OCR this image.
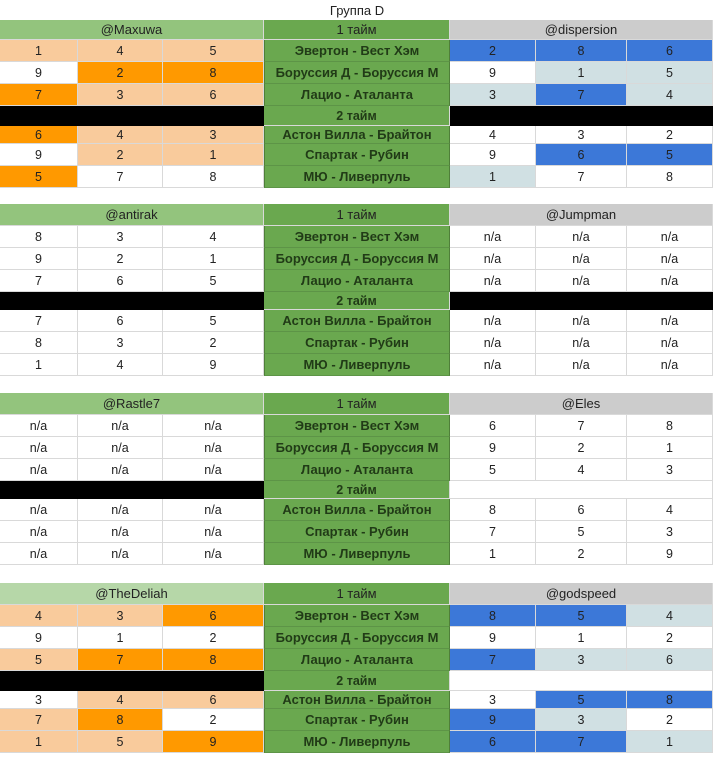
Группа D
@Maxuwa	1 тайм	@dispersion
1	4	5	Эвертон - Вест Хэм	2	8	6
9	2	8	Боруссия Д - Боруссия М	9	1	5
7	3	6	Лацио - Аталанта	3	7	4
2 тайм
6	4	3	Астон Вилла - Брайтон	4	3	2
9	2	1	Спартак - Рубин	9	6	5
5	7	8	МЮ - Ливерпуль	1	7	8
@antirak	1 тайм	@Jumpman
8	3	4	Эвертон - Вест Хэм	n/a	n/a	n/a
9	2	1	Боруссия Д - Боруссия М	n/a	n/a	n/a
7	6	5	Лацио - Аталанта	n/a	n/a	n/a
2 тайм
7	6	5	Астон Вилла - Брайтон	n/a	n/a	n/a
8	3	2	Спартак - Рубин	n/a	n/a	n/a
1	4	9	МЮ - Ливерпуль	n/a	n/a	n/a
@Rastle7	1 тайм	@Eles
n/a	n/a	n/a	Эвертон - Вест Хэм	6	7	8
n/a	n/a	n/a	Боруссия Д - Боруссия М	9	2	1
n/a	n/a	n/a	Лацио - Аталанта	5	4	3
2 тайм
n/a	n/a	n/a	Астон Вилла - Брайтон	8	6	4
n/a	n/a	n/a	Спартак - Рубин	7	5	3
n/a	n/a	n/a	МЮ - Ливерпуль	1	2	9
@TheDeliah	1 тайм	@godspeed
4	3	6	Эвертон - Вест Хэм	8	5	4
9	1	2	Боруссия Д - Боруссия М	9	1	2
5	7	8	Лацио - Аталанта	7	3	6
2 тайм
3	4	6	Астон Вилла - Брайтон	3	5	8
7	8	2	Спартак - Рубин	9	3	2
1	5	9	МЮ - Ливерпуль	6	7	1
